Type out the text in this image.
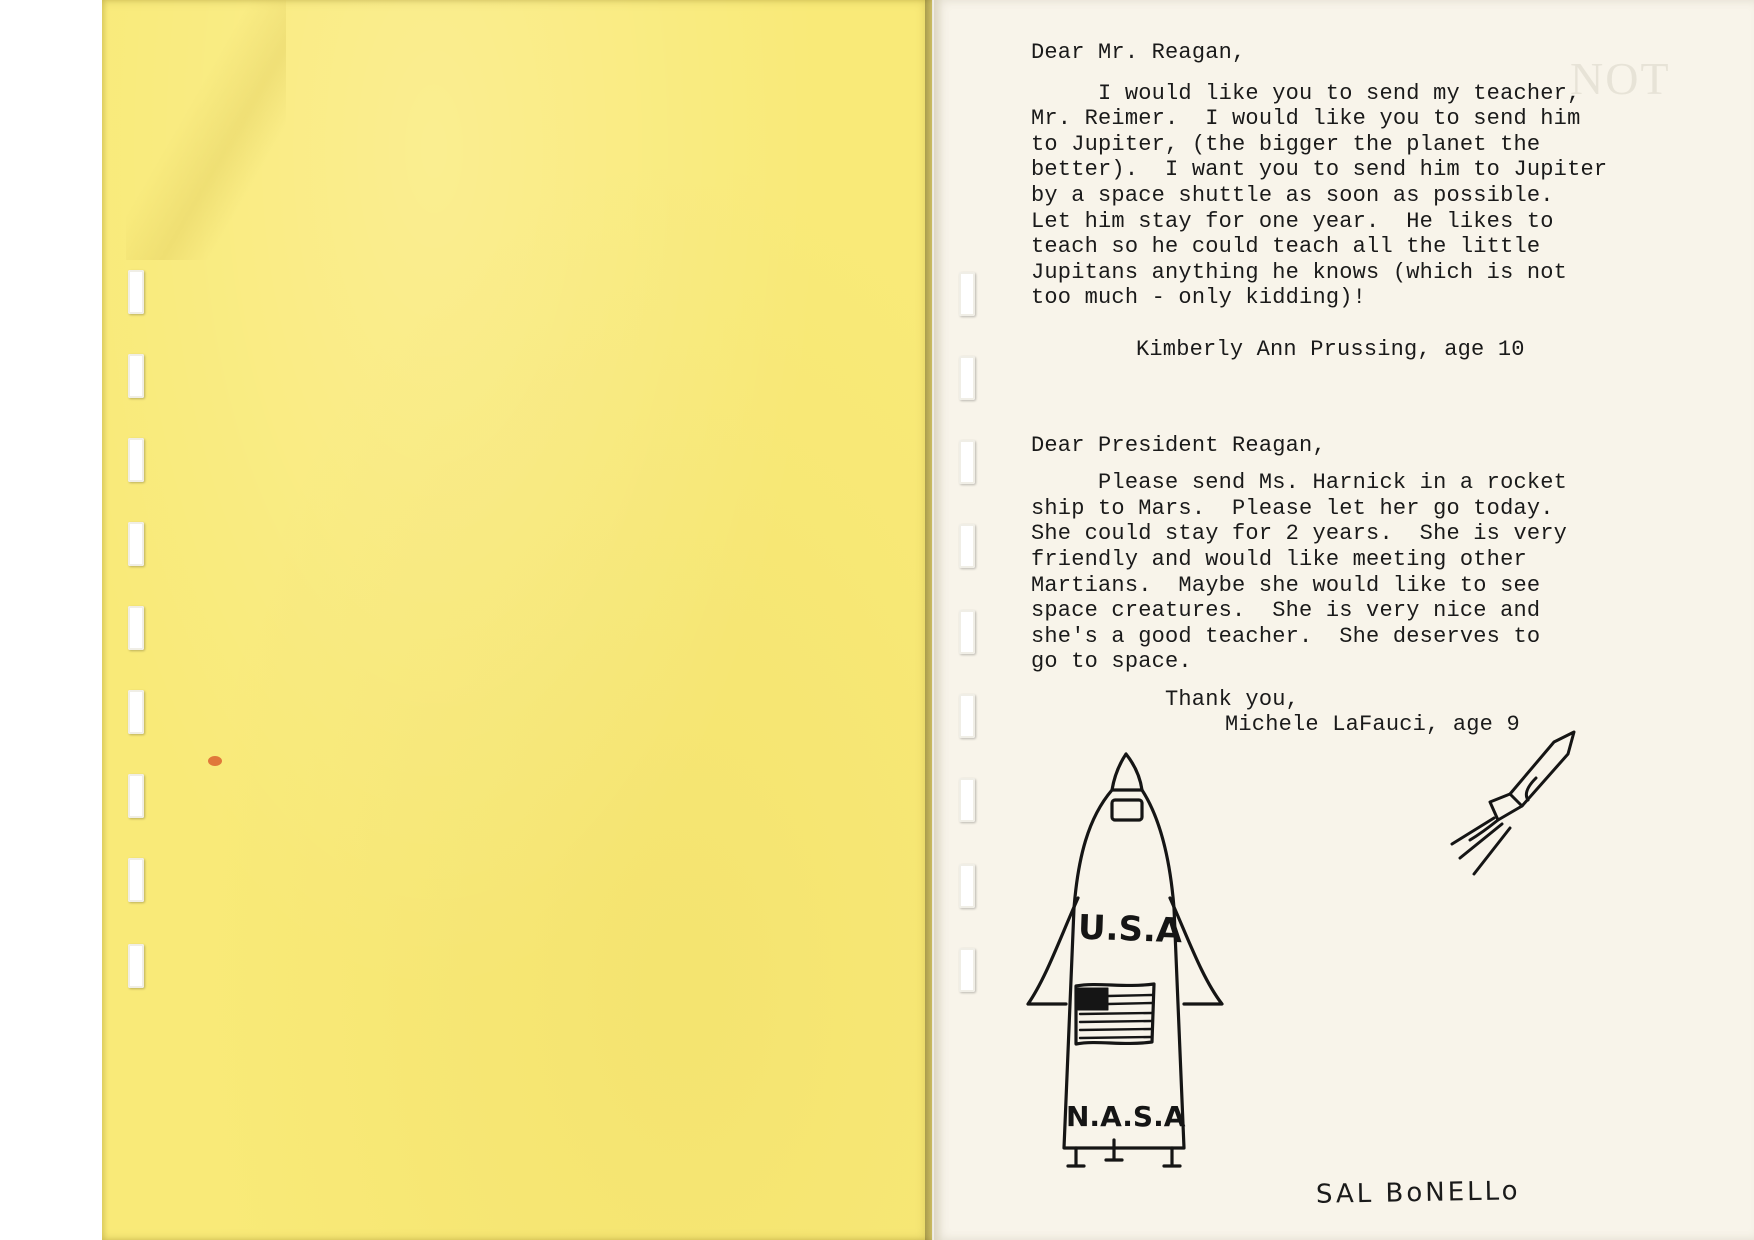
NOT
Dear Mr. Reagan,
I would like you to send my teacher,
Mr. Reimer.  I would like you to send him
to Jupiter, (the bigger the planet the
better).  I want you to send him to Jupiter
by a space shuttle as soon as possible.
Let him stay for one year.  He likes to
teach so he could teach all the little
Jupitans anything he knows (which is not
too much - only kidding)!
Kimberly Ann Prussing, age 10
Dear President Reagan,
Please send Ms. Harnick in a rocket
ship to Mars.  Please let her go today.
She could stay for 2 years.  She is very
friendly and would like meeting other
Martians.  Maybe she would like to see
space creatures.  She is very nice and
she's a good teacher.  She deserves to
go to space.
Thank you,
Michele LaFauci, age 9
U.S.A
N.A.S.A
SAL BoNELLo
